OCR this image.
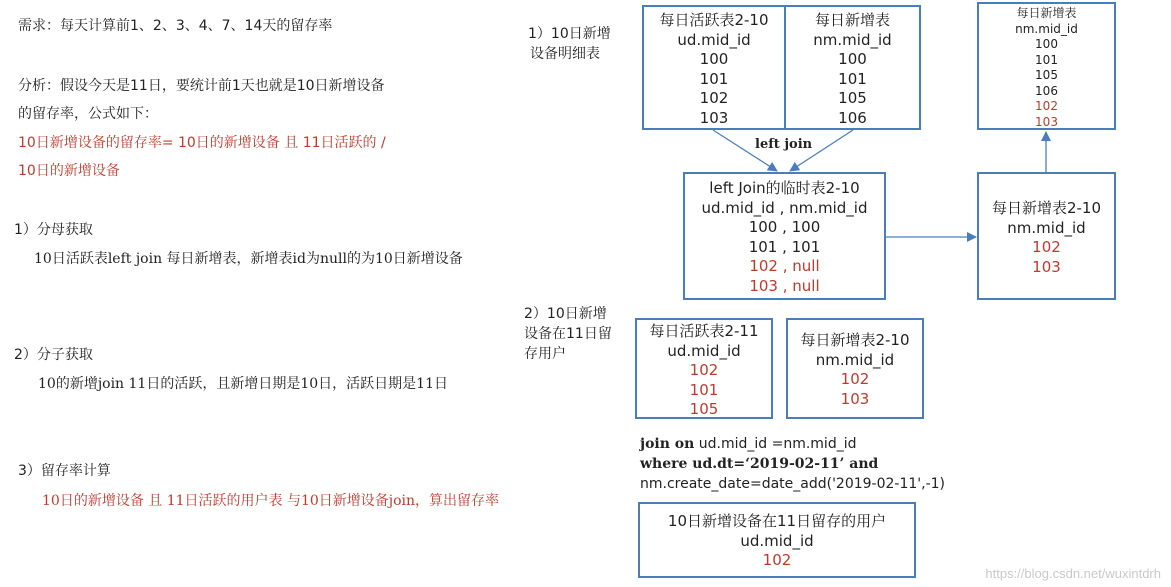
需求：每天计算前1、2、3、4、7、14天的留存率
分析：假设今天是11日，要统计前1天也就是10日新增设备
的留存率，公式如下：
10日新增设备的留存率= 10日的新增设备 且 11日活跃的 /
10日的新增设备
1）分母获取
10日活跃表left join 每日新增表，新增表id为null的为10日新增设备
2）分子获取
10的新增join 11日的活跃，且新增日期是10日，活跃日期是11日
3）留存率计算
10日的新增设备 且 11日活跃的用户表 与10日新增设备join，算出留存率
1）10日新增
设备明细表
2）10日新增
设备在11日留
存用户
每日活跃表2-10
ud.mid_id
100
101
102
103
每日新增表
nm.mid_id
100
101
105
106
left join
每日新增表
nm.mid_id
100
101
105
106
102
103
left Join的临时表2-10
ud.mid_id , nm.mid_id
100 , 100
101 , 101
102 , null
103 , null
每日新增表2-10
nm.mid_id
102
103
每日活跃表2-11
ud.mid_id
102
101
105
每日新增表2-10
nm.mid_id
102
103
join on ud.mid_id =nm.mid_id
where ud.dt=‘2019-02-11’ and
nm.create_date=date_add('2019-02-11',-1)
10日新增设备在11日留存的用户
ud.mid_id
102
https://blog.csdn.net/wuxintdrh
